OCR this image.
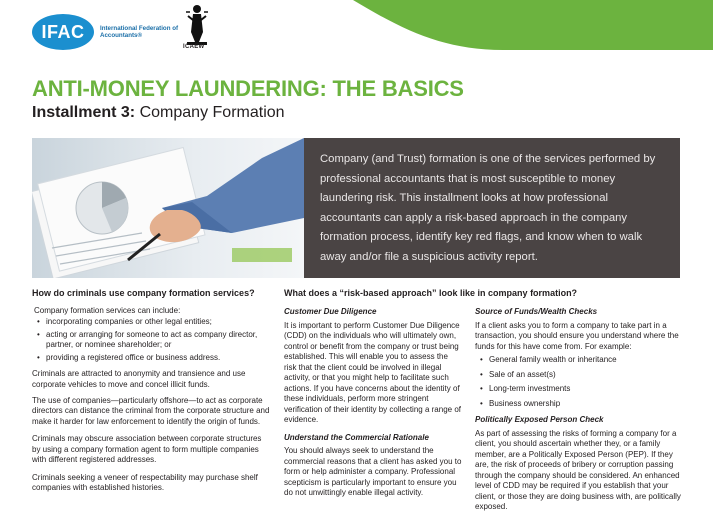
IFAC	International Federation of Accountants®
ICAEW
ANTI-MONEY LAUNDERING: THE BASICS
Installment 3: Company Formation
Company (and Trust) formation is one of the services performed by professional accountants that is most susceptible to money laundering risk. This installment looks at how professional accountants can apply a risk-based approach in the company formation process, identify key red flags, and know when to walk away and/or file a suspicious activity report.

How do criminals use company formation services?

Company formation services can include:

• incorporating companies or other legal entities;
• acting or arranging for someone to act as company director, partner, or nominee shareholder; or
• providing a registered office or business address.

Criminals are attracted to anonymity and transience and use corporate vehicles to move and concel illicit funds.

The use of companies—particularly offshore—to act as corporate directors can distance the criminal from the corporate structure and make it harder for law enforcement to identify the origin of funds.

Criminals may obscure association between corporate structures by using a company formation agent to form multiple companies with different registered addresses.

Criminals seeking a veneer of respectability may purchase shelf companies with established histories.

What does a “risk-based approach” look like in company formation?

Customer Due Diligence

It is important to perform Customer Due Diligence (CDD) on the individuals who will ultimately own, control or benefit from the company or trust being established. This will enable you to assess the risk that the client could be involved in illegal activity, or that you might help to facilitate such actions. If you have concerns about the identity of these individuals, perform more stringent verification of their identity by collecting a range of evidence.

Understand the Commercial Rationale

You should always seek to understand the commercial reasons that a client has asked you to form or help administer a company. Professional scepticism is particularly important to ensure you do not unwittingly enable illegal activity.

Source of Funds/Wealth Checks

If a client asks you to form a company to take part in a transaction, you should ensure you understand where the funds for this have come from. For example:

• General family wealth or inheritance
• Sale of an asset(s)
• Long-term investments
• Business ownership

Politically Exposed Person Check

As part of assessing the risks of forming a company for a client, you should ascertain whether they, or a family member, are a Politically Exposed Person (PEP). If they are, the risk of proceeds of bribery or corruption passing through the company should be considered. An enhanced level of CDD may be required if you establish that your client, or those they are doing business with, are politically exposed.
